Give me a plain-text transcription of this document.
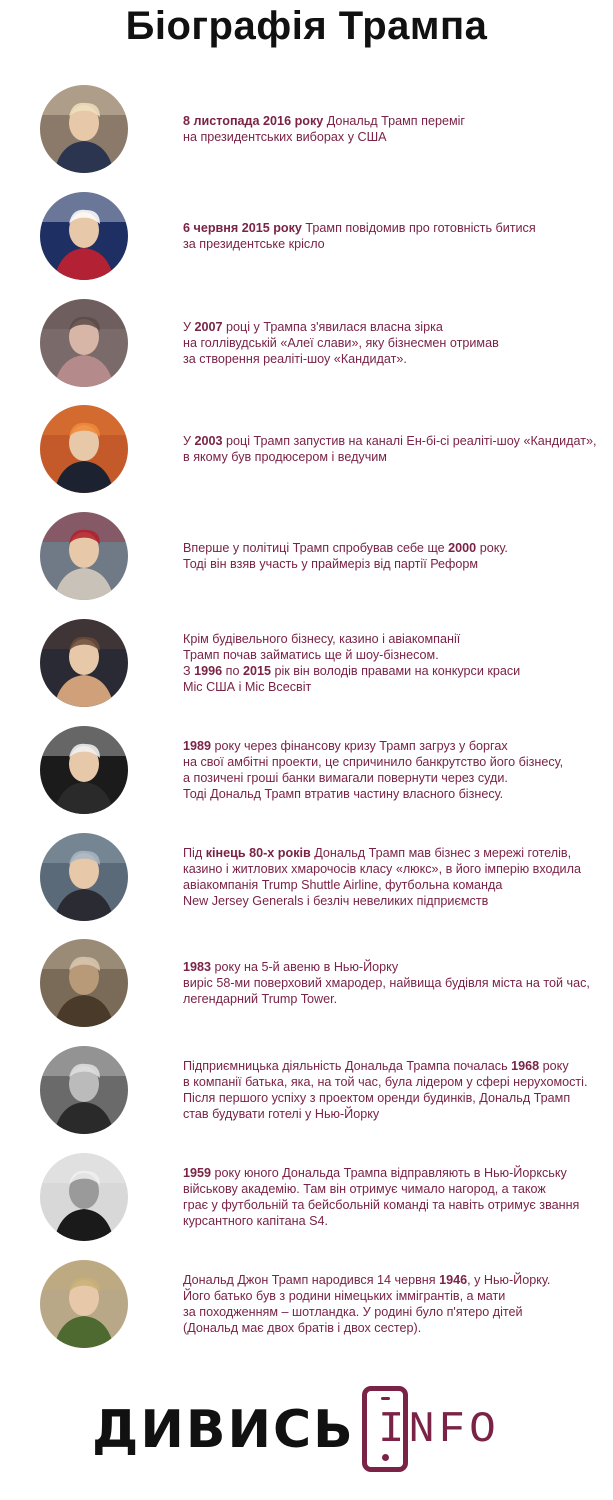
Біографія Трампа
8 листопада 2016 року Дональд Трамп переміг
на президентських виборах у США
6 червня 2015 року Трамп повідомив про готовність битися
за президентське крісло
У 2007 році у Трампа з'явилася власна зірка
на голлівудській «Алеї слави», яку бізнесмен отримав
за створення реаліті-шоу «Кандидат».
У 2003 році Трамп запустив на каналі Ен-бі-сі реаліті-шоу «Кандидат»,
в якому був продюсером і ведучим
Вперше у політиці Трамп спробував себе ще 2000 року.
Тоді він взяв участь у праймеріз від партії Реформ
Крім будівельного бізнесу, казино і авіакомпанії
Трамп почав займатись ще й шоу-бізнесом.
З 1996 по 2015 рік він володів правами на конкурси краси
Міс США і Міс Всесвіт
1989 року через фінансову кризу Трамп загруз у боргах
на свої амбітні проекти, це спричинило банкрутство його бізнесу,
а позичені гроші банки вимагали повернути через суди.
Тоді Дональд Трамп втратив частину власного бізнесу.
Під кінець 80-х років Дональд Трамп мав бізнес з мережі готелів,
казино і житлових хмарочосів класу «люкс», в його імперію входила
авіакомпанія Trump Shuttle Airline, футбольна команда
New Jersey Generals і безліч невеликих підприємств
1983 року на 5-й авеню в Нью-Йорку
виріс 58-ми поверховий хмародер, найвища будівля міста на той час,
легендарний Trump Tower.
Підприємницька діяльність Дональда Трампа почалась 1968 року
в компанії батька, яка, на той час, була лідером у сфері нерухомості.
Після першого успіху з проектом оренди будинків, Дональд Трамп
став будувати готелі у Нью-Йорку
1959 року юного Дональда Трампа відправляють в Нью-Йоркську
військову академію. Там він отримує чимало нагород, а також
грає у футбольній та бейсбольній команді та навіть отримує звання
курсантного капітана S4.
Дональд Джон Трамп народився 14 червня 1946, у Нью-Йорку.
Його батько був з родини німецьких іммігрантів, а мати
за походженням – шотландка. У родині було п'ятеро дітей
(Дональд має двох братів і двох сестер).
ДИВИСЬ INFO
